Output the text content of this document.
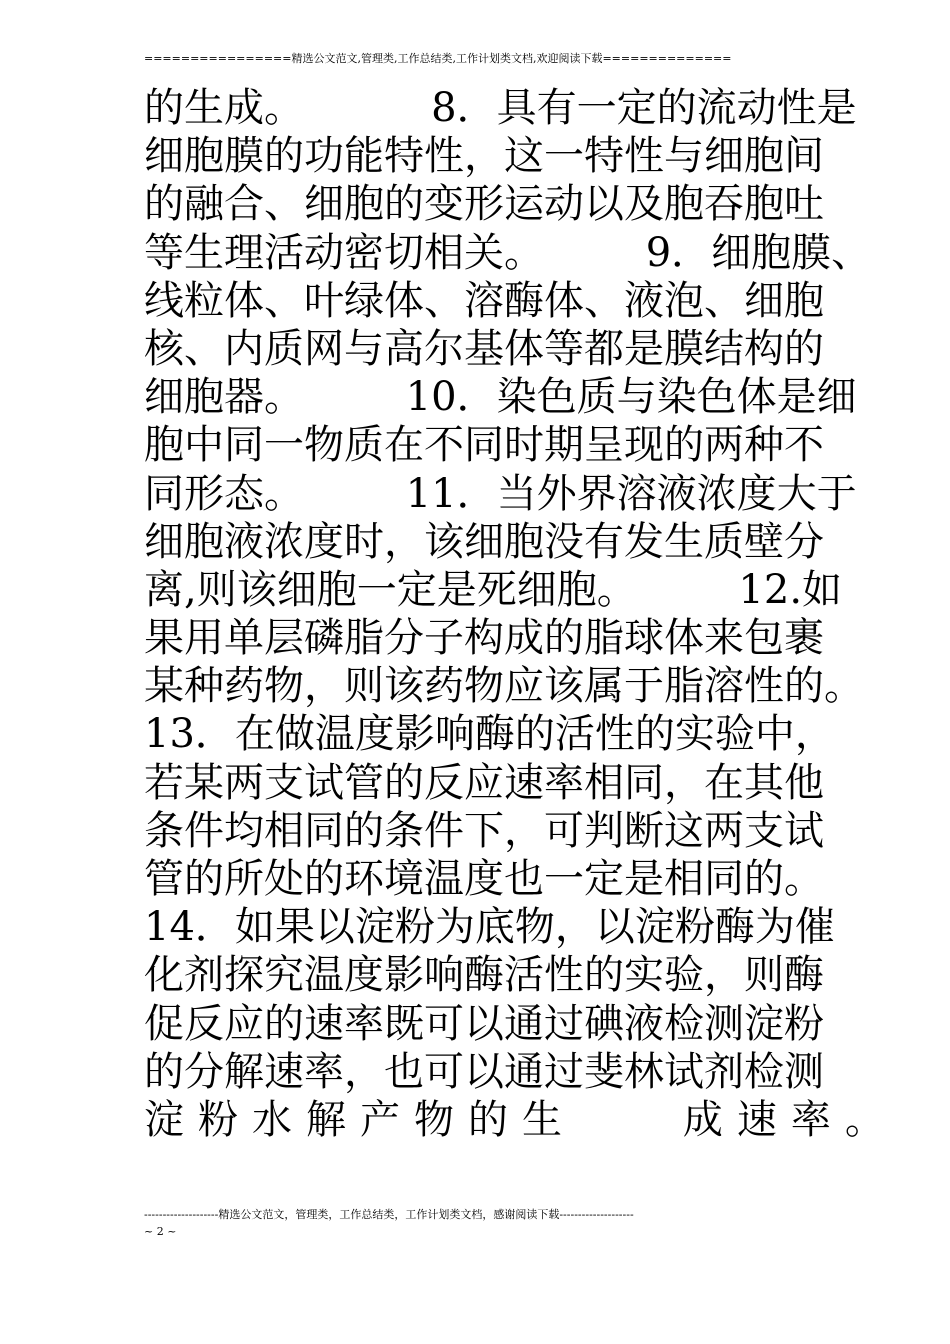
================精选公文范文,管理类,工作总结类,工作计划类文档,欢迎阅读下载==============
的生成。          8．具有一定的流动性是
细胞膜的功能特性，这一特性与细胞间
的融合、细胞的变形运动以及胞吞胞吐
等生理活动密切相关。        9．细胞膜、
线粒体、叶绿体、溶酶体、液泡、细胞
核、内质网与高尔基体等都是膜结构的
细胞器。        10．染色质与染色体是细
胞中同一物质在不同时期呈现的两种不
同形态。        11．当外界溶液浓度大于
细胞液浓度时，该细胞没有发生质壁分
离,则该细胞一定是死细胞。        12.如
果用单层磷脂分子构成的脂球体来包裹
某种药物，则该药物应该属于脂溶性的。
13．在做温度影响酶的活性的实验中，
若某两支试管的反应速率相同，在其他
条件均相同的条件下，可判断这两支试
管的所处的环境温度也一定是相同的。
14．如果以淀粉为底物，以淀粉酶为催
化剂探究温度影响酶活性的实验，则酶
促反应的速率既可以通过碘液检测淀粉
的分解速率，也可以通过斐林试剂检测
淀粉水解产物的生    成速率。
--------------------精选公文范文，管理类，工作总结类，工作计划类文档，感谢阅读下载--------------------
~ 2 ~
